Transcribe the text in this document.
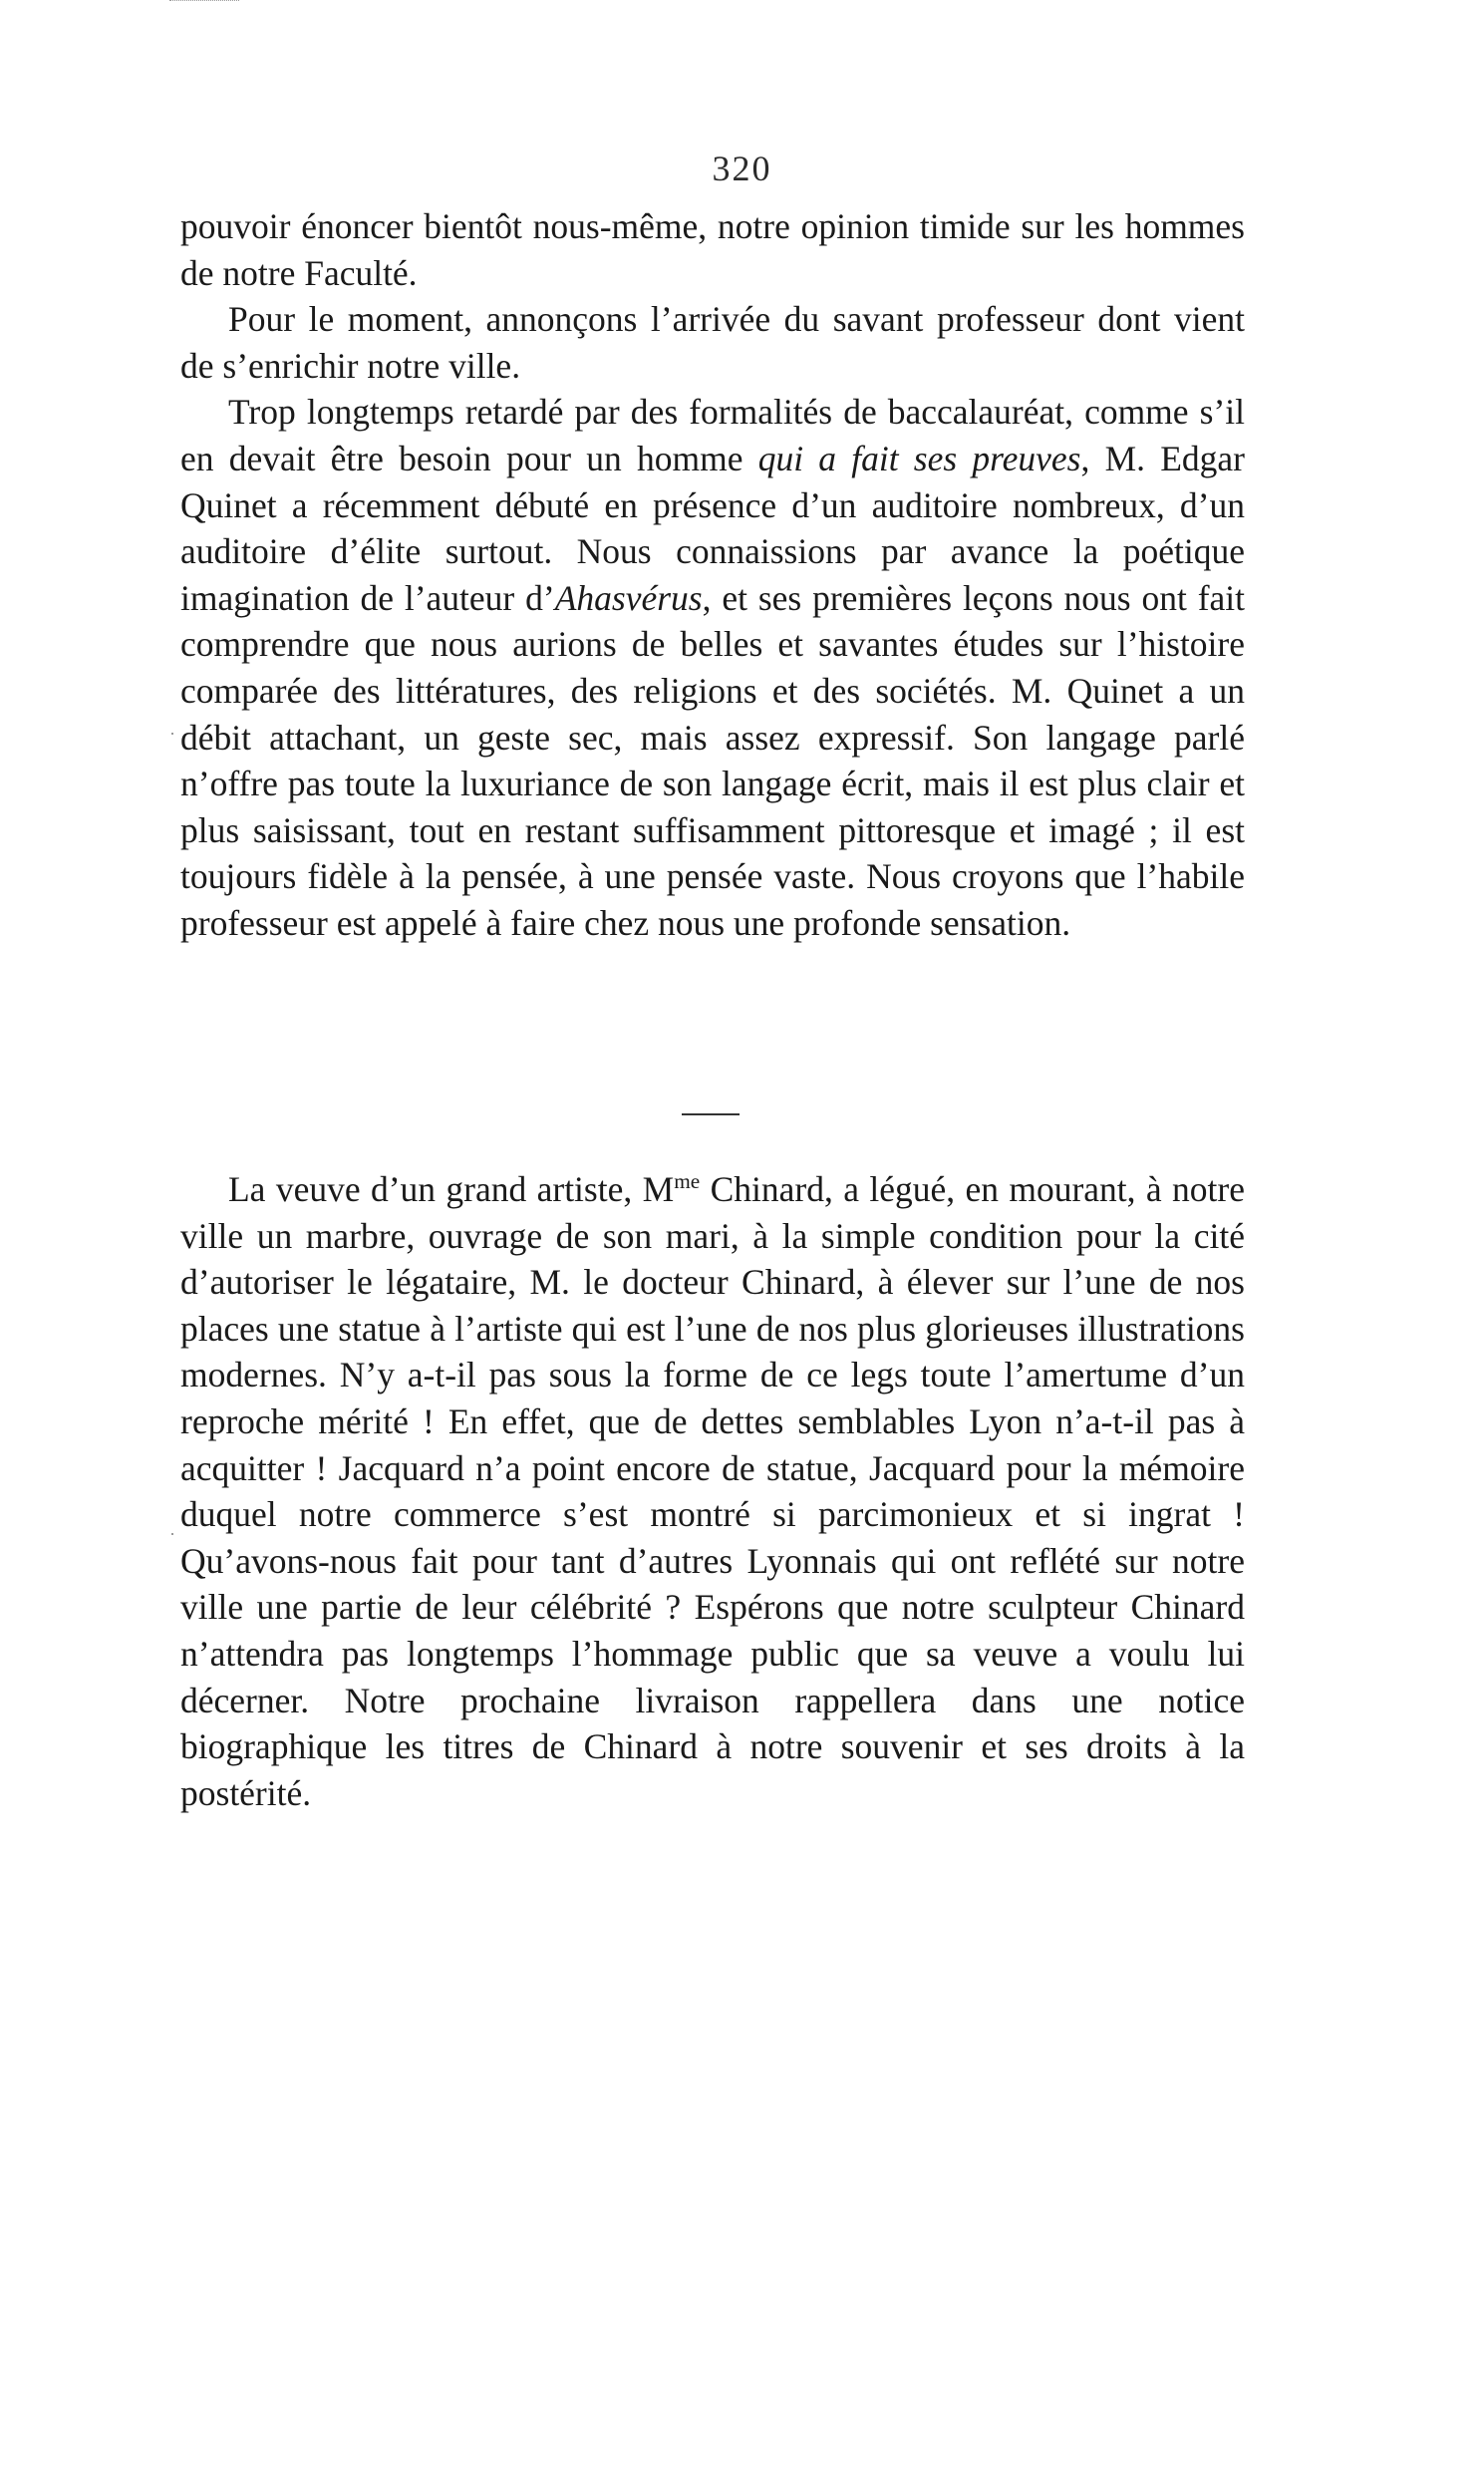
320

pouvoir énoncer bientôt nous-même, notre opinion timide sur les hommes de notre Faculté.

Pour le moment, annonçons l’arrivée du savant professeur dont vient de s’enrichir notre ville.

Trop longtemps retardé par des formalités de baccalauréat, comme s’il en devait être besoin pour un homme qui a fait ses preuves, M. Edgar Quinet a récemment débuté en présence d’un auditoire nombreux, d’un auditoire d’élite surtout. Nous connaissions par avance la poétique imagination de l’auteur d’Ahasvérus, et ses premières leçons nous ont fait comprendre que nous aurions de belles et savantes études sur l’histoire comparée des littératures, des religions et des sociétés. M. Quinet a un débit attachant, un geste sec, mais assez expressif. Son langage parlé n’offre pas toute la luxuriance de son langage écrit, mais il est plus clair et plus saisissant, tout en restant suffisamment pittoresque et imagé ; il est toujours fidèle à la pensée, à une pensée vaste. Nous croyons que l’habile professeur est appelé à faire chez nous une profonde sensation.

La veuve d’un grand artiste, $M^{me}$ Chinard, a légué, en mourant, à notre ville un marbre, ouvrage de son mari, à la simple condition pour la cité d’autoriser le légataire, M. le docteur Chinard, à élever sur l’une de nos places une statue à l’artiste qui est l’une de nos plus glorieuses illustrations modernes. N’y a-t-il pas sous la forme de ce legs toute l’amertume d’un reproche mérité ! En effet, que de dettes semblables Lyon n’a-t-il pas à acquitter ! Jacquard n’a point encore de statue, Jacquard pour la mémoire duquel notre commerce s’est montré si parcimonieux et si ingrat ! Qu’avons-nous fait pour tant d’autres Lyonnais qui ont reflété sur notre ville une partie de leur célébrité ? Espérons que notre sculpteur Chinard n’attendra pas longtemps l’hommage public que sa veuve a voulu lui décerner. Notre prochaine livraison rappellera dans une notice biographique les titres de Chinard à notre souvenir et ses droits à la postérité.
